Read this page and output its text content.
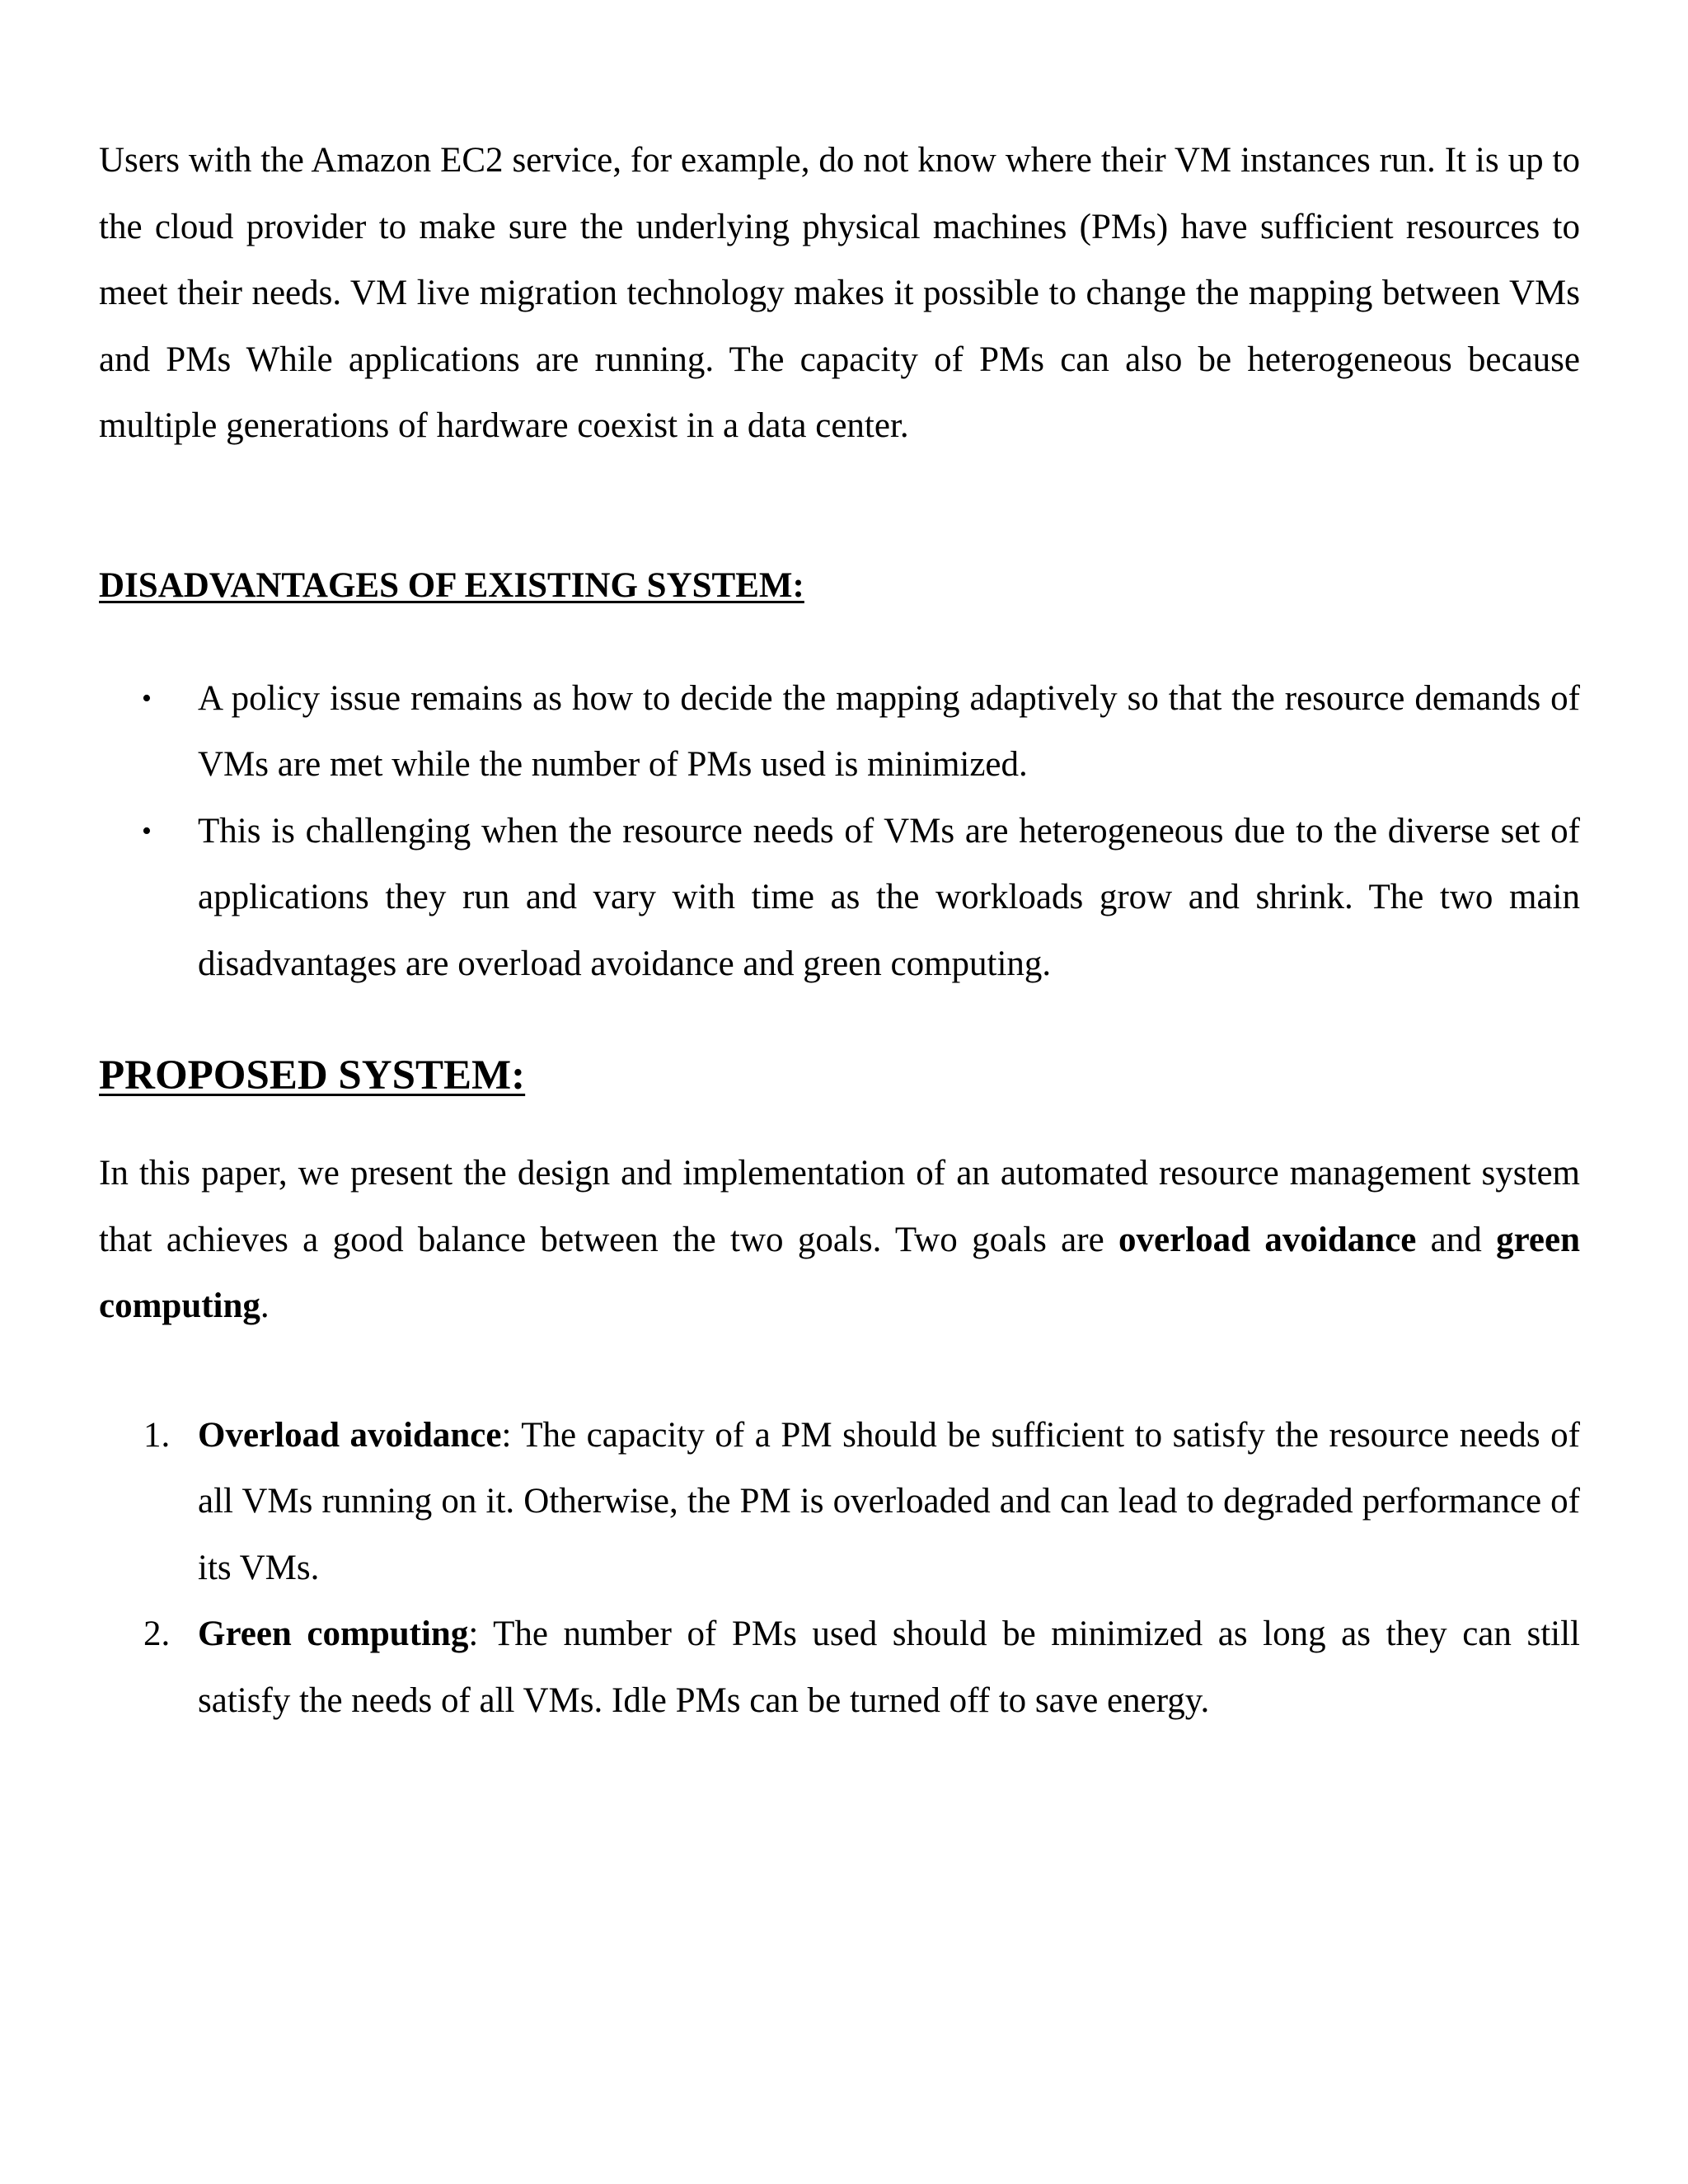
Users with the Amazon EC2 service, for example, do not know where their VM instances run. It is up to the cloud provider to make sure the underlying physical machines (PMs) have sufficient resources to meet their needs. VM live migration technology makes it possible to change the mapping between VMs and PMs While applications are running. The capacity of PMs can also be heterogeneous because multiple generations of hardware coexist in a data center.

DISADVANTAGES OF EXISTING SYSTEM:
•	A policy issue remains as how to decide the mapping adaptively so that the resource demands of VMs are met while the number of PMs used is minimized.
•	This is challenging when the resource needs of VMs are heterogeneous due to the diverse set of applications they run and vary with time as the workloads grow and shrink. The two main disadvantages are overload avoidance and green computing.
PROPOSED SYSTEM:

In this paper, we present the design and implementation of an automated resource management system that achieves a good balance between the two goals. Two goals are overload avoidance and green computing.

1. Overload avoidance: The capacity of a PM should be sufficient to satisfy the resource needs of all VMs running on it. Otherwise, the PM is overloaded and can lead to degraded performance of its VMs.
2. Green computing: The number of PMs used should be minimized as long as they can still satisfy the needs of all VMs. Idle PMs can be turned off to save energy.
